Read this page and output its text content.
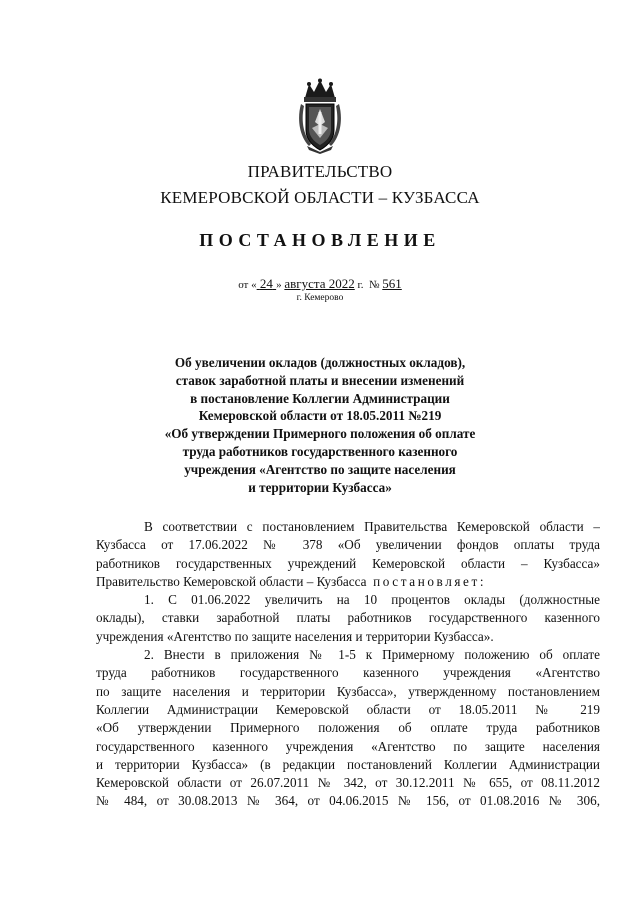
ПРАВИТЕЛЬСТВО
КЕМЕРОВСКОЙ ОБЛАСТИ – КУЗБАССА
ПОСТАНОВЛЕНИЕ
от « 24 » августа 2022 г. № 561
г. Кемерово
Об увеличении окладов (должностных окладов),
ставок заработной платы и внесении изменений
в постановление Коллегии Администрации
Кемеровской области от 18.05.2011 №219
«Об утверждении Примерного положения об оплате
труда работников государственного казенного
учреждения «Агентство по защите населения
и территории Кузбасса»
В соответствии с постановлением Правительства Кемеровской области –
Кузбасса от 17.06.2022 № 378 «Об увеличении фондов оплаты труда
работников государственных учреждений Кемеровской области – Кузбасса»
Правительство Кемеровской области – Кузбасса постановляет:
1. С 01.06.2022 увеличить на 10 процентов оклады (должностные
оклады), ставки заработной платы работников государственного казенного
учреждения «Агентство по защите населения и территории Кузбасса».
2. Внести в приложения № 1-5 к Примерному положению об оплате
труда работников государственного казенного учреждения «Агентство
по защите населения и территории Кузбасса», утвержденному постановлением
Коллегии Администрации Кемеровской области от 18.05.2011 № 219
«Об утверждении Примерного положения об оплате труда работников
государственного казенного учреждения «Агентство по защите населения
и территории Кузбасса» (в редакции постановлений Коллегии Администрации
Кемеровской области от 26.07.2011 № 342, от 30.12.2011 № 655, от 08.11.2012
№ 484, от 30.08.2013 № 364, от 04.06.2015 № 156, от 01.08.2016 № 306,
